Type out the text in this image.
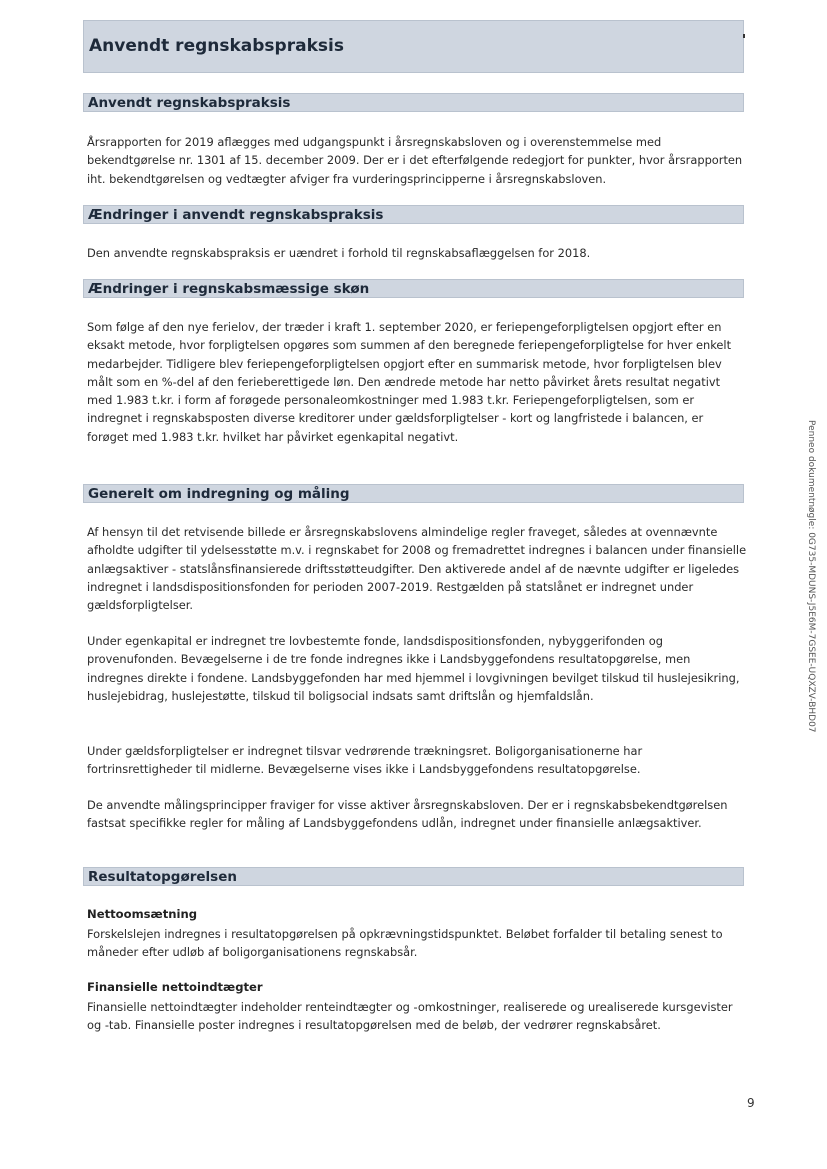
Anvendt regnskabspraksis
Anvendt regnskabspraksis

Årsrapporten for 2019 aflægges med udgangspunkt i årsregnskabsloven og i overenstemmelse med bekendtgørelse nr. 1301 af 15. december 2009. Der er i det efterfølgende redegjort for punkter, hvor årsrapporten iht. bekendtgørelsen og vedtægter afviger fra vurderingsprincipperne i årsregnskabsloven.

Ændringer i anvendt regnskabspraksis

Den anvendte regnskabspraksis er uændret i forhold til regnskabsaflæggelsen for 2018.

Ændringer i regnskabsmæssige skøn

Som følge af den nye ferielov, der træder i kraft 1. september 2020, er feriepengeforpligtelsen opgjort efter en eksakt metode, hvor forpligtelsen opgøres som summen af den beregnede feriepengeforpligtelse for hver enkelt medarbejder. Tidligere blev feriepengeforpligtelsen opgjort efter en summarisk metode, hvor forpligtelsen blev målt som en %-del af den ferieberettigede løn. Den ændrede metode har netto påvirket årets resultat negativt med 1.983 t.kr. i form af forøgede personaleomkostninger med 1.983 t.kr. Feriepengeforpligtelsen, som er indregnet i regnskabsposten diverse kreditorer under gældsforpligtelser - kort og langfristede i balancen, er forøget med 1.983 t.kr. hvilket har påvirket egenkapital negativt.

Generelt om indregning og måling

Af hensyn til det retvisende billede er årsregnskabslovens almindelige regler fraveget, således at ovennævnte afholdte udgifter til ydelsesstøtte m.v. i regnskabet for 2008 og fremadrettet indregnes i balancen under finansielle anlægsaktiver - statslånsfinansierede driftsstøtteudgifter. Den aktiverede andel af de nævnte udgifter er ligeledes indregnet i landsdispositionsfonden for perioden 2007-2019. Restgælden på statslånet er indregnet under gældsforpligtelser.

Under egenkapital er indregnet tre lovbestemte fonde, landsdispositionsfonden, nybyggerifonden og provenufonden. Bevægelserne i de tre fonde indregnes ikke i Landsbyggefondens resultatopgørelse, men indregnes direkte i fondene. Landsbyggefonden har med hjemmel i lovgivningen bevilget tilskud til huslejesikring, huslejebidrag, huslejestøtte, tilskud til boligsocial indsats samt driftslån og hjemfaldslån.

Under gældsforpligtelser er indregnet tilsvar vedrørende trækningsret. Boligorganisationerne har fortrinsrettigheder til midlerne. Bevægelserne vises ikke i Landsbyggefondens resultatopgørelse.

De anvendte målingsprincipper fraviger for visse aktiver årsregnskabsloven. Der er i regnskabsbekendtgørelsen fastsat specifikke regler for måling af Landsbyggefondens udlån, indregnet under finansielle anlægsaktiver.

Resultatopgørelsen
Nettoomsætning

Forskelslejen indregnes i resultatopgørelsen på opkrævningstidspunktet. Beløbet forfalder til betaling senest to måneder efter udløb af boligorganisationens regnskabsår.

Finansielle nettoindtægter

Finansielle nettoindtægter indeholder renteindtægter og -omkostninger, realiserede og urealiserede kursgevister og -tab. Finansielle poster indregnes i resultatopgørelsen med de beløb, der vedrører regnskabsåret.

Penneo dokumentnøgle: 0G735-MDUNS-J5E6M-7GSEE-UQXZV-BHD07
9
